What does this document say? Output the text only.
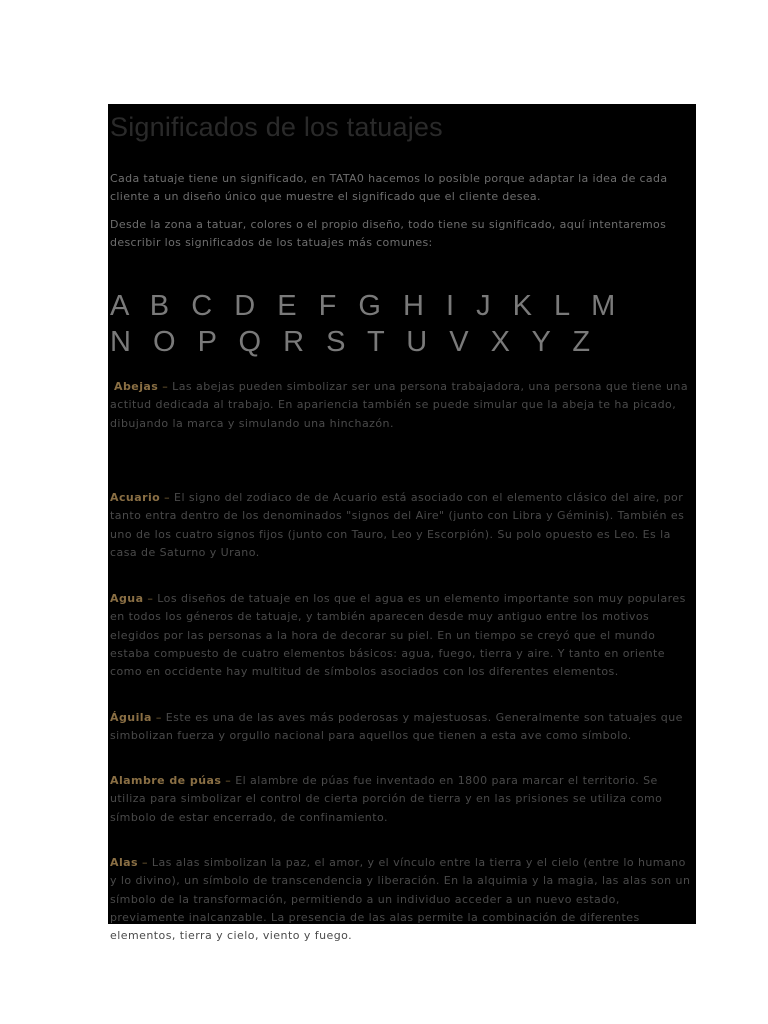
Significados de los tatuajes

Cada tatuaje tiene un significado, en TATA0 hacemos lo posible porque adaptar la idea de cada cliente a un diseño único que muestre el significado que el cliente desea.

Desde la zona a tatuar, colores o el propio diseño, todo tiene su significado, aquí intentaremos describir los significados de los tatuajes más comunes:

A B C D E F G H I J K L M
N O P Q R S T U V X Y Z

Abejas – Las abejas pueden simbolizar ser una persona trabajadora, una persona que tiene una actitud dedicada al trabajo. En apariencia también se puede simular que la abeja te ha picado, dibujando la marca y simulando una hinchazón.

Acuario – El signo del zodiaco de de Acuario está asociado con el elemento clásico del aire, por tanto entra dentro de los denominados "signos del Aire" (junto con Libra y Géminis). También es uno de los cuatro signos fijos (junto con Tauro, Leo y Escorpión). Su polo opuesto es Leo. Es la casa de Saturno y Urano.

Agua – Los diseños de tatuaje en los que el agua es un elemento importante son muy populares en todos los géneros de tatuaje, y también aparecen desde muy antiguo entre los motivos elegidos por las personas a la hora de decorar su piel. En un tiempo se creyó que el mundo estaba compuesto de cuatro elementos básicos: agua, fuego, tierra y aire. Y tanto en oriente como en occidente hay multitud de símbolos asociados con los diferentes elementos.

Águila – Este es una de las aves más poderosas y majestuosas. Generalmente son tatuajes que simbolizan fuerza y orgullo nacional para aquellos que tienen a esta ave como símbolo.

Alambre de púas – El alambre de púas fue inventado en 1800 para marcar el territorio. Se utiliza para simbolizar el control de cierta porción de tierra y en las prisiones se utiliza como símbolo de estar encerrado, de confinamiento.

Alas – Las alas simbolizan la paz, el amor, y el vínculo entre la tierra y el cielo (entre lo humano y lo divino), un símbolo de transcendencia y liberación. En la alquimia y la magia, las alas son un símbolo de la transformación, permitiendo a un individuo acceder a un nuevo estado, previamente inalcanzable. La presencia de las alas permite la combinación de diferentes elementos, tierra y cielo, viento y fuego.
